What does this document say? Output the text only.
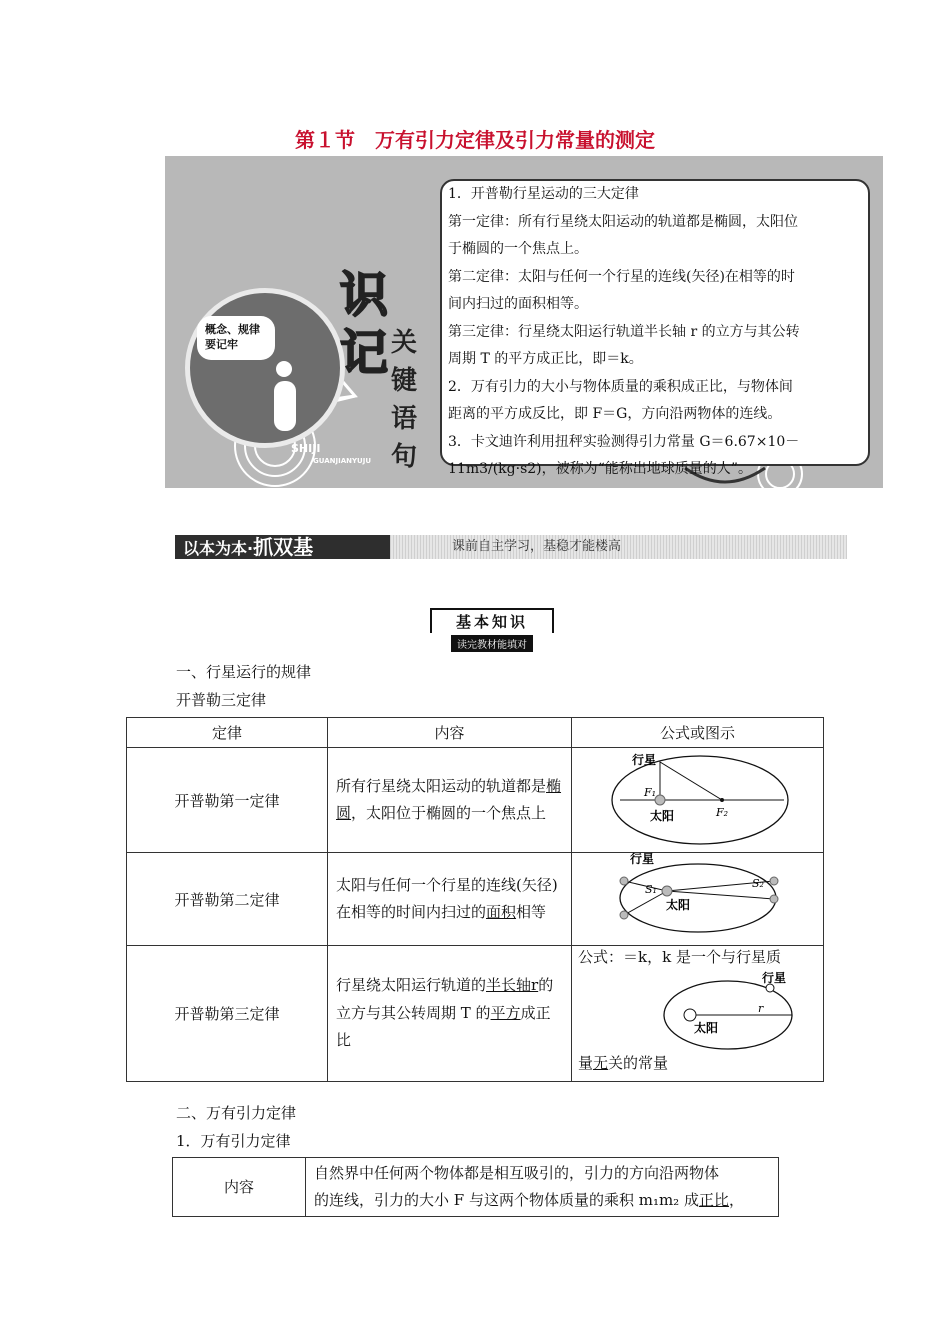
第１节　万有引力定律及引力常量的测定
概念、规律
要记牢
识
记 关
键
语
句
SHIJI
GUANJIANYUJU

1．开普勒行星运动的三大定律

第一定律：所有行星绕太阳运动的轨道都是椭圆，太阳位

于椭圆的一个焦点上。

第二定律：太阳与任何一个行星的连线(矢径)在相等的时

间内扫过的面积相等。

第三定律：行星绕太阳运行轨道半长轴 r 的立方与其公转

周期 T 的平方成正比，即＝k。

2．万有引力的大小与物体质量的乘积成正比，与物体间

距离的平方成反比，即 F＝G，方向沿两物体的连线。

3．卡文迪许利用扭秤实验测得引力常量 G＝6.67×10－

11m3/(kg·s2)，被称为“能称出地球质量的人”。

以本为本·抓双基	课前自主学习，基稳才能楼高
基本知识
读完教材能填对
一、行星运行的规律
开普勒三定律
定律	内容	公式或图示
开普勒第一定律	所有行星绕太阳运动的轨道都是椭圆，太阳位于椭圆的一个焦点上	行星
F₁
F₂
太阳

开普勒第二定律	太阳与任何一个行星的连线(矢径)在相等的时间内扫过的面积相等	行星
S₁ S₂
太阳

开普勒第三定律	行星绕太阳运行轨道的半长轴r的立方与其公转周期 T 的平方成正比	公式：＝k，k 是一个与行星质
行星
太阳
r
量无关的常量
二、万有引力定律
1．万有引力定律
内容	
自然界中任何两个物体都是相互吸引的，引力的方向沿两物体
的连线，引力的大小 F 与这两个物体质量的乘积 m₁m₂ 成正比，
